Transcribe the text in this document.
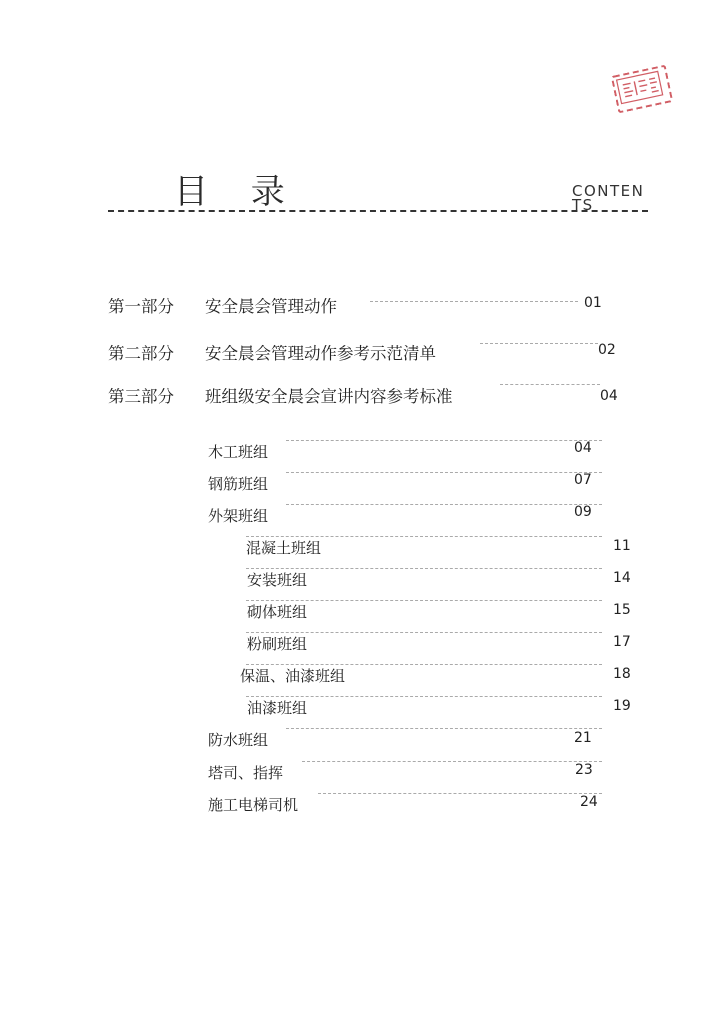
目 录	CONTENTS
第一部分 安全晨会管理动作	01
第二部分 安全晨会管理动作参考示范清单	02
第三部分 班组级安全晨会宣讲内容参考标准	04
木工班组	04
钢筋班组	07
外架班组	09
混凝土班组	11
安装班组	14
砌体班组	15
粉刷班组	17
保温、油漆班组	18
油漆班组	19
防水班组	21
塔司、指挥	23
施工电梯司机	24
